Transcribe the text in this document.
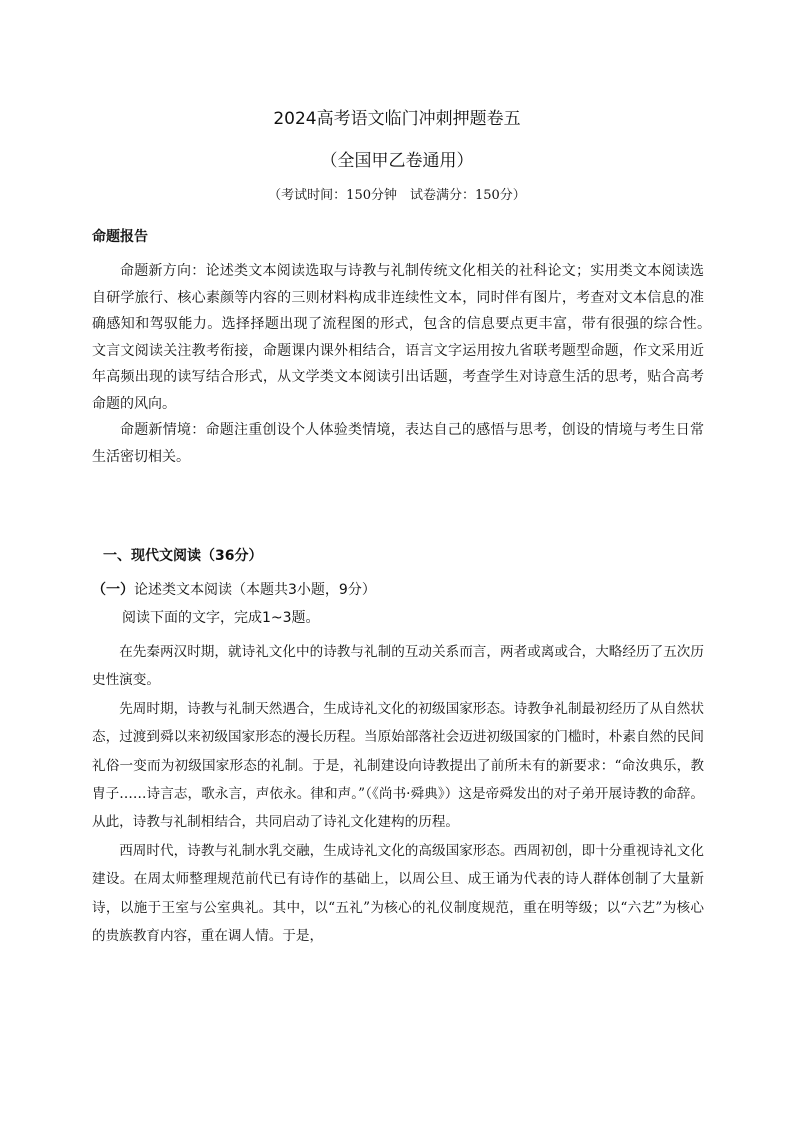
2024高考语文临门冲刺押题卷五
（全国甲乙卷通用）
（考试时间：150分钟　试卷满分：150分）
命题报告

命题新方向：论述类文本阅读选取与诗教与礼制传统文化相关的社科论文；实用类文本阅读选自研学旅行、核心素颜等内容的三则材料构成非连续性文本，同时伴有图片，考查对文本信息的准确感知和驾驭能力。选择择题出现了流程图的形式，包含的信息要点更丰富，带有很强的综合性。　文言文阅读关注教考衔接，命题课内课外相结合，语言文字运用按九省联考题型命题，作文采用近年高频出现的读写结合形式，从文学类文本阅读引出话题，考查学生对诗意生活的思考，贴合高考命题的风向。

命题新情境：命题注重创设个人体验类情境，表达自己的感悟与思考，创设的情境与考生日常生活密切相关。

一、现代文阅读（36分）
（一）论述类文本阅读（本题共3小题，9分）
阅读下面的文字，完成1~3题。

在先秦两汉时期，就诗礼文化中的诗教与礼制的互动关系而言，两者或离或合，大略经历了五次历史性演变。

先周时期，诗教与礼制天然遇合，生成诗礼文化的初级国家形态。诗教争礼制最初经历了从自然状态，过渡到舜以来初级国家形态的漫长历程。当原始部落社会迈进初级国家的门槛时，朴素自然的民间礼俗一变而为初级国家形态的礼制。于是，礼制建设向诗教提出了前所未有的新要求：“命汝典乐，教胄子……诗言志，歌永言，声依永。律和声。”（《尚书·舜典》）这是帝舜发出的对子弟开展诗教的命辞。从此，诗教与礼制相结合，共同启动了诗礼文化建构的历程。

西周时代，诗教与礼制水乳交融，生成诗礼文化的高级国家形态。西周初创，即十分重视诗礼文化建设。在周太师整理规范前代已有诗作的基础上，以周公旦、成王诵为代表的诗人群体创制了大量新诗，以施于王室与公室典礼。其中，以“五礼”为核心的礼仪制度规范，重在明等级；以“六艺”为核心的贵族教育内容，重在调人情。于是，
